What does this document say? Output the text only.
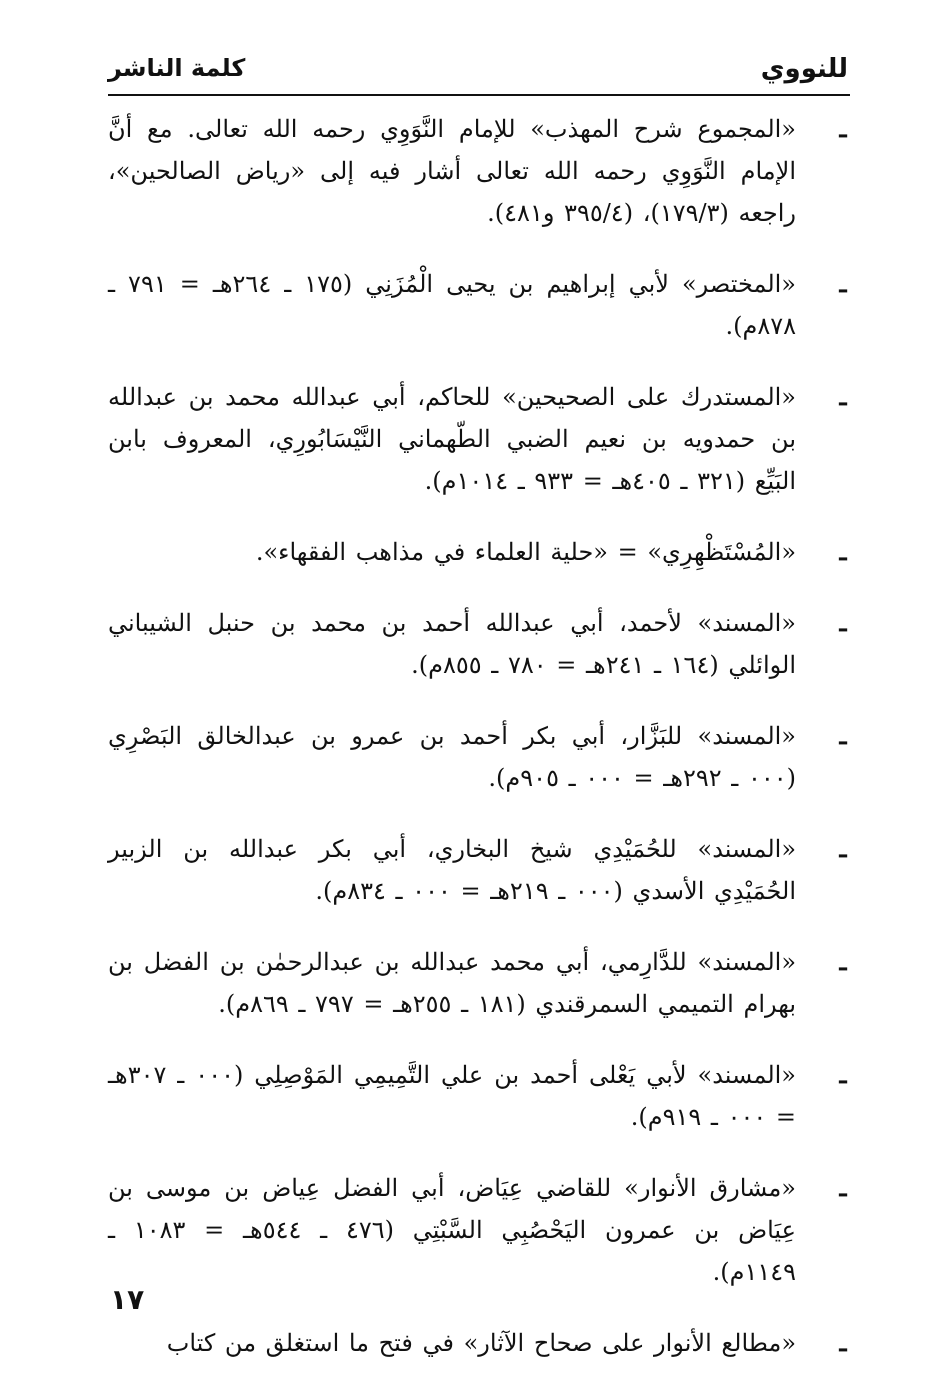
للنووي
كلمة الناشر
ـ
«المجموع شرح المهذب» للإمام النَّوَوِي رحمه الله تعالى. مع أنَّ الإمام النَّوَوِي رحمه الله تعالى أشار فيه إلى «رياض الصالحين»، راجعه (١٧٩/٣)، (٣٩٥/٤ و٤٨١).
ـ
«المختصر» لأبي إبراهيم بن يحيى الْمُزَنِي (١٧٥ ـ ٢٦٤هـ = ٧٩١ ـ ٨٧٨م).
ـ
«المستدرك على الصحيحين» للحاكم، أبي عبدالله محمد بن عبدالله بن حمدويه بن نعيم الضبي الطّهماني النَّيْسَابُورِي، المعروف بابن البَيِّع (٣٢١ ـ ٤٠٥هـ = ٩٣٣ ـ ١٠١٤م).
ـ
«المُسْتَظْهِرِي» = «حلية العلماء في مذاهب الفقهاء».
ـ
«المسند» لأحمد، أبي عبدالله أحمد بن محمد بن حنبل الشيباني الوائلي (١٦٤ ـ ٢٤١هـ = ٧٨٠ ـ ٨٥٥م).
ـ
«المسند» للبَزَّار، أبي بكر أحمد بن عمرو بن عبدالخالق البَصْرِي (٠٠٠ ـ ٢٩٢هـ = ٠٠٠ ـ ٩٠٥م).
ـ
«المسند» للحُمَيْدِي شيخ البخاري، أبي بكر عبدالله بن الزبير الحُمَيْدِي الأسدي (٠٠٠ ـ ٢١٩هـ = ٠٠٠ ـ ٨٣٤م).
ـ
«المسند» للدَّارِمي، أبي محمد عبدالله بن عبدالرحمٰن بن الفضل بن بهرام التميمي السمرقندي (١٨١ ـ ٢٥٥هـ = ٧٩٧ ـ ٨٦٩م).
ـ
«المسند» لأبي يَعْلى أحمد بن علي التَّمِيمِي المَوْصِلِي (٠٠٠ ـ ٣٠٧هـ = ٠٠٠ ـ ٩١٩م).
ـ
«مشارق الأنوار» للقاضي عِيَاض، أبي الفضل عِياض بن موسى بن عِيَاض بن عمرون اليَحْصُبِي السَّبْتِي (٤٧٦ ـ ٥٤٤هـ = ١٠٨٣ ـ ١١٤٩م).
ـ
«مطالع الأنوار على صحاح الآثار» في فتح ما استغلق من كتاب
١٧
